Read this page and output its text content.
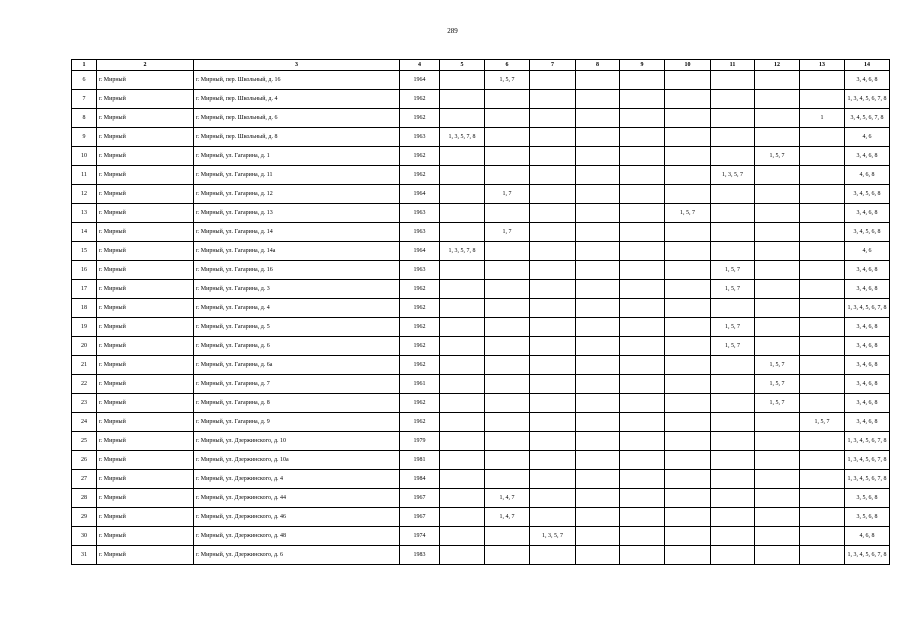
289
1	2	3	4	5	6	7	8	9	10	11	12	13	14
6	г. Мирный	г. Мирный, пер. Школьный, д. 16	1964		1, 5, 7								3, 4, 6, 8
7	г. Мирный	г. Мирный, пер. Школьный, д. 4	1962										1, 3, 4, 5, 6, 7, 8
8	г. Мирный	г. Мирный, пер. Школьный, д. 6	1962									1	3, 4, 5, 6, 7, 8
9	г. Мирный	г. Мирный, пер. Школьный, д. 8	1963	1, 3, 5, 7, 8									4, 6
10	г. Мирный	г. Мирный, ул. Гагарина, д. 1	1962								1, 5, 7		3, 4, 6, 8
11	г. Мирный	г. Мирный, ул. Гагарина, д. 11	1962							1, 3, 5, 7			4, 6, 8
12	г. Мирный	г. Мирный, ул. Гагарина, д. 12	1964		1, 7								3, 4, 5, 6, 8
13	г. Мирный	г. Мирный, ул. Гагарина, д. 13	1963						1, 5, 7				3, 4, 6, 8
14	г. Мирный	г. Мирный, ул. Гагарина, д. 14	1963		1, 7								3, 4, 5, 6, 8
15	г. Мирный	г. Мирный, ул. Гагарина, д. 14а	1964	1, 3, 5, 7, 8									4, 6
16	г. Мирный	г. Мирный, ул. Гагарина, д. 16	1963							1, 5, 7			3, 4, 6, 8
17	г. Мирный	г. Мирный, ул. Гагарина, д. 3	1962							1, 5, 7			3, 4, 6, 8
18	г. Мирный	г. Мирный, ул. Гагарина, д. 4	1962										1, 3, 4, 5, 6, 7, 8
19	г. Мирный	г. Мирный, ул. Гагарина, д. 5	1962							1, 5, 7			3, 4, 6, 8
20	г. Мирный	г. Мирный, ул. Гагарина, д. 6	1962							1, 5, 7			3, 4, 6, 8
21	г. Мирный	г. Мирный, ул. Гагарина, д. 6а	1962								1, 5, 7		3, 4, 6, 8
22	г. Мирный	г. Мирный, ул. Гагарина, д. 7	1961								1, 5, 7		3, 4, 6, 8
23	г. Мирный	г. Мирный, ул. Гагарина, д. 8	1962								1, 5, 7		3, 4, 6, 8
24	г. Мирный	г. Мирный, ул. Гагарина, д. 9	1962									1, 5, 7	3, 4, 6, 8
25	г. Мирный	г. Мирный, ул. Дзержинского, д. 10	1979										1, 3, 4, 5, 6, 7, 8
26	г. Мирный	г. Мирный, ул. Дзержинского, д. 10а	1981										1, 3, 4, 5, 6, 7, 8
27	г. Мирный	г. Мирный, ул. Дзержинского, д. 4	1984										1, 3, 4, 5, 6, 7, 8
28	г. Мирный	г. Мирный, ул. Дзержинского, д. 44	1967		1, 4, 7								3, 5, 6, 8
29	г. Мирный	г. Мирный, ул. Дзержинского, д. 46	1967		1, 4, 7								3, 5, 6, 8
30	г. Мирный	г. Мирный, ул. Дзержинского, д. 48	1974			1, 3, 5, 7							4, 6, 8
31	г. Мирный	г. Мирный, ул. Дзержинского, д. 6	1983										1, 3, 4, 5, 6, 7, 8
